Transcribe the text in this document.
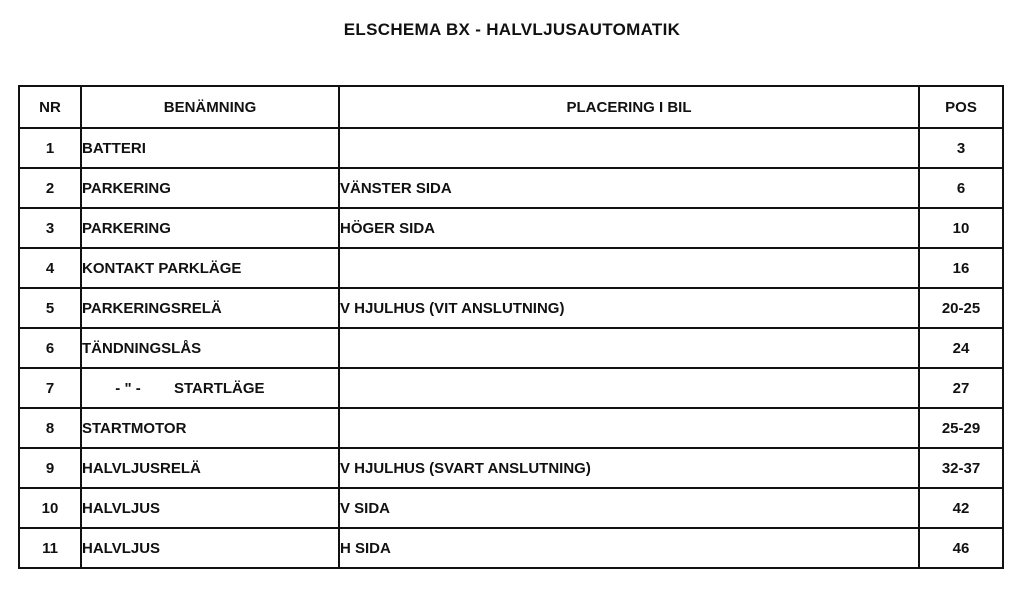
ELSCHEMA BX - HALVLJUSAUTOMATIK
NR	BENÄMNING	PLACERING I BIL	POS
1	BATTERI		3
2	PARKERING	VÄNSTER SIDA	6
3	PARKERING	HÖGER SIDA	10
4	KONTAKT PARKLÄGE		16
5	PARKERINGSRELÄ	V HJULHUS (VIT ANSLUTNING)	20-25
6	TÄNDNINGSLÅS		24
7	- " - STARTLÄGE		27
8	STARTMOTOR		25-29
9	HALVLJUSRELÄ	V HJULHUS (SVART ANSLUTNING)	32-37
10	HALVLJUS	V SIDA	42
11	HALVLJUS	H SIDA	46
